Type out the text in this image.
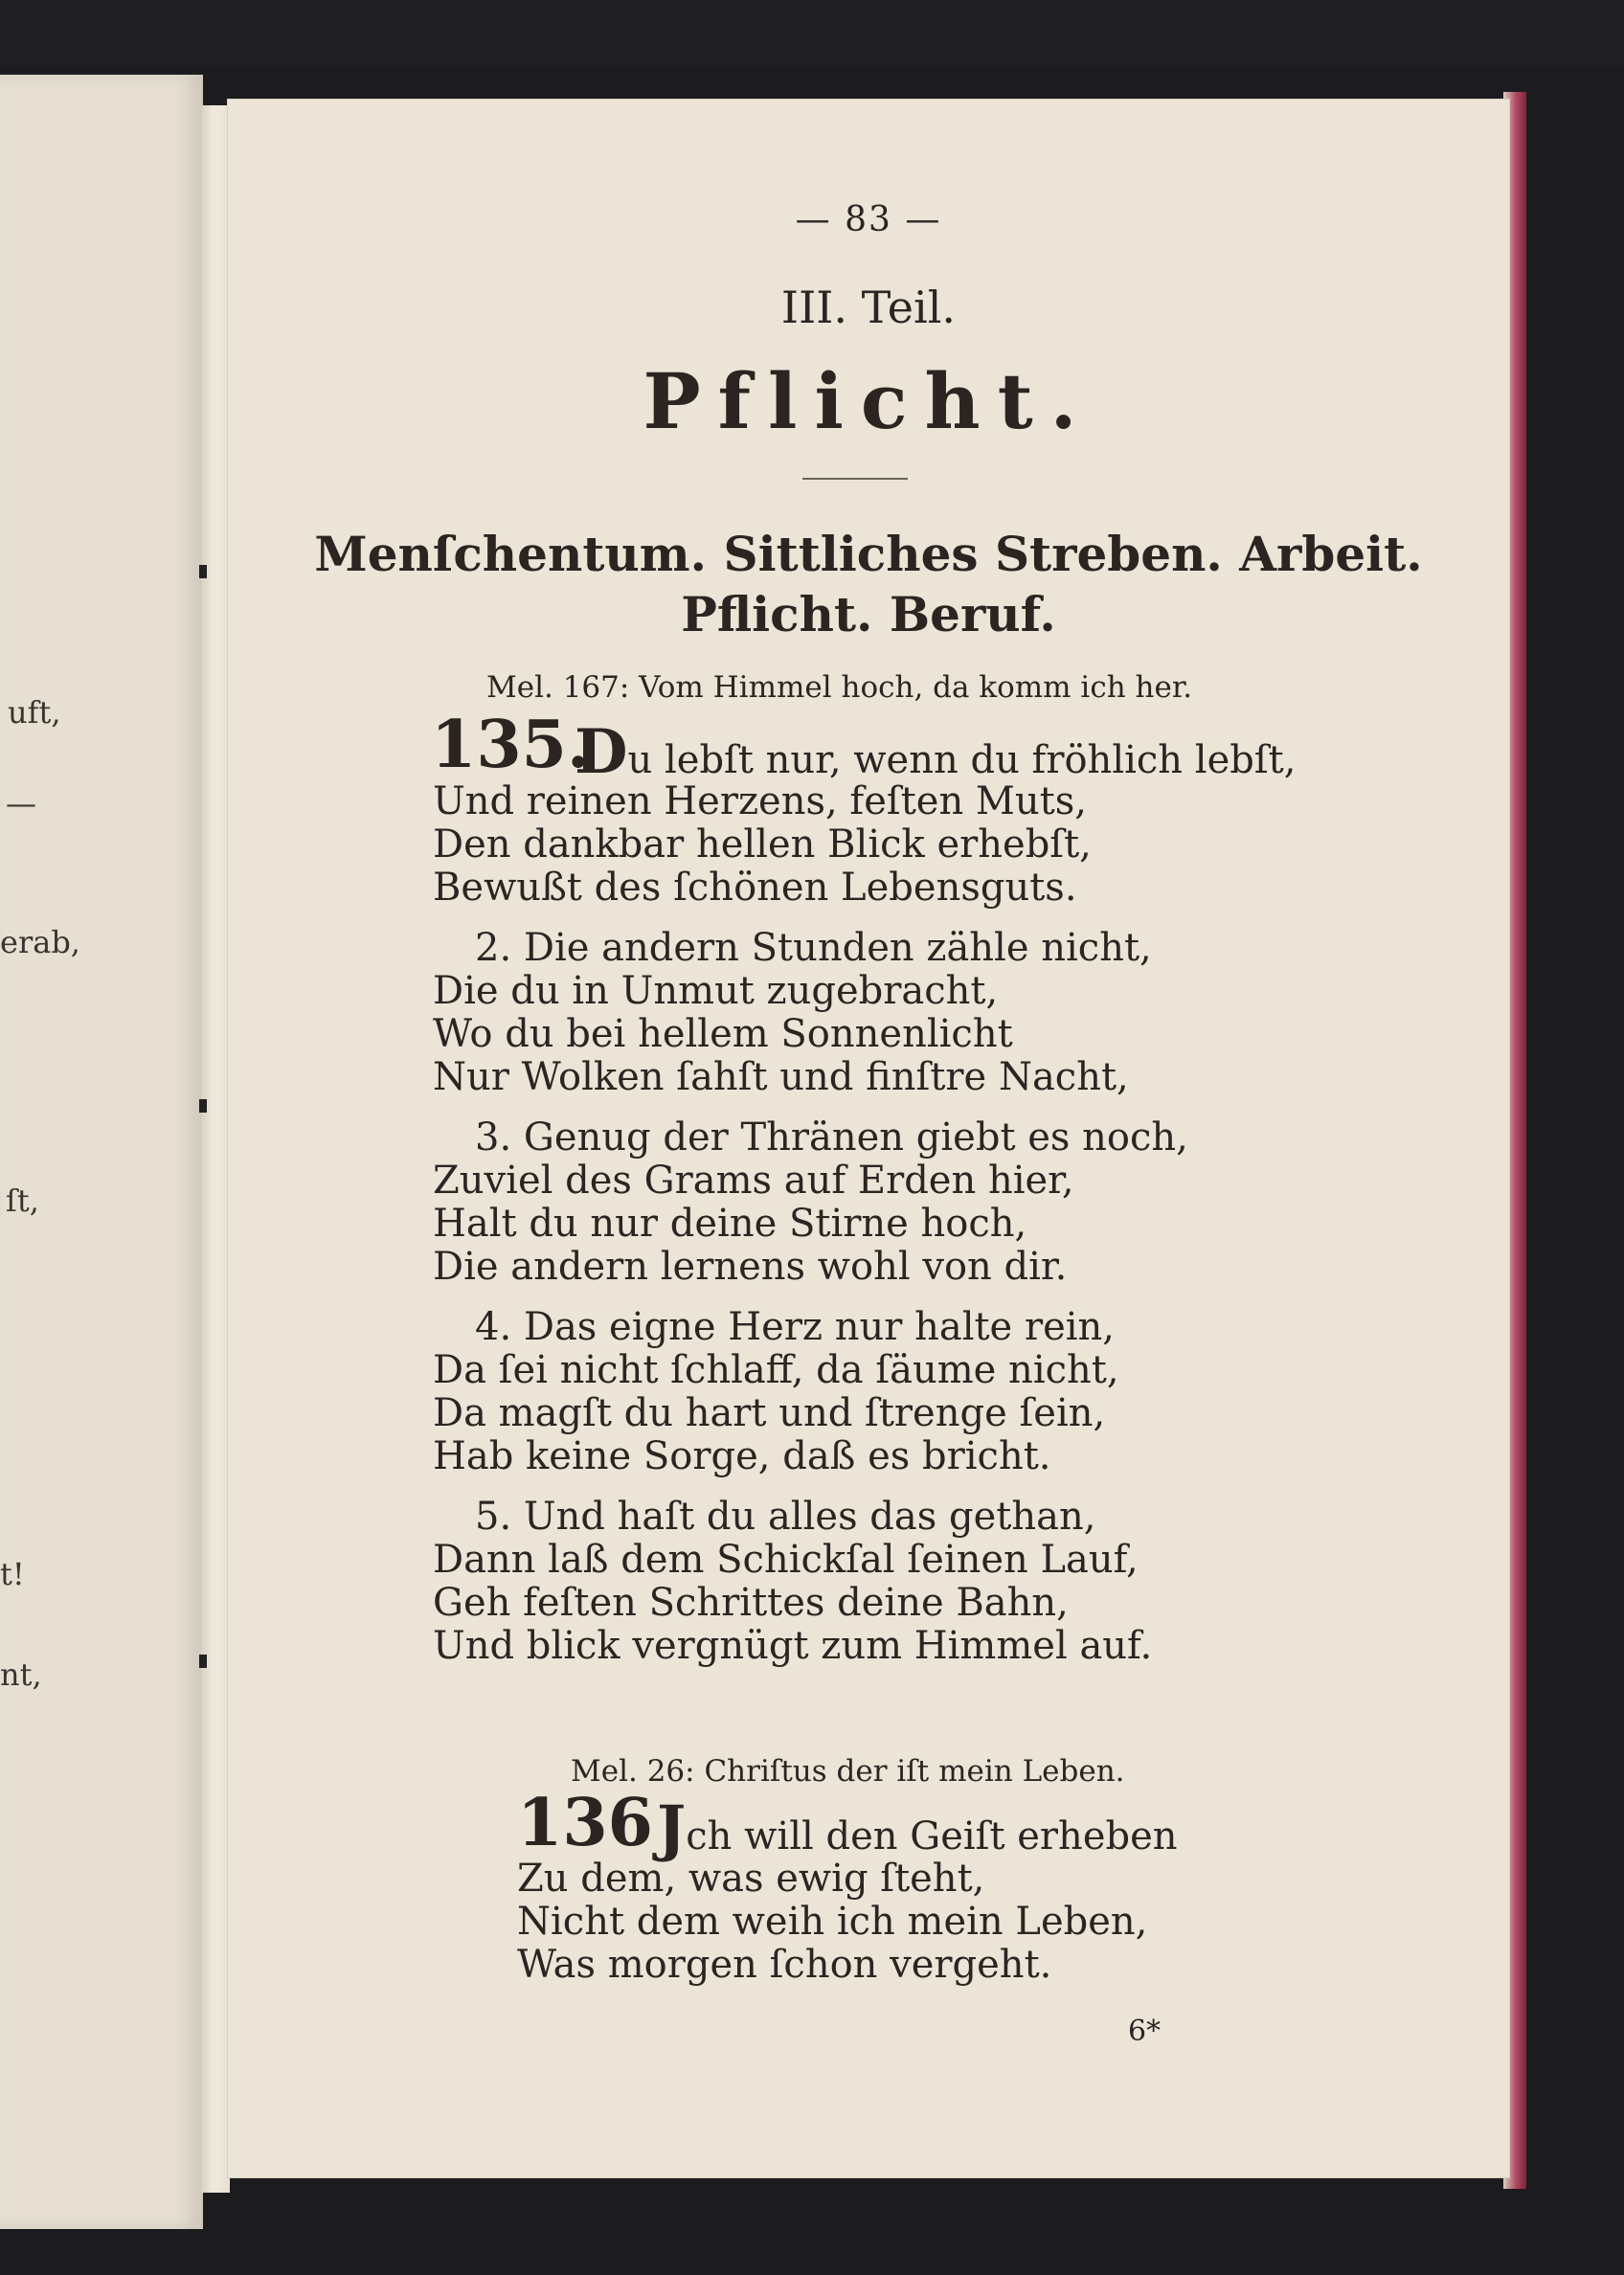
uft,
—
erab,
ſt,
t!
nt,
— 83 —
III. Teil.
Pflicht.
Menſchentum. Sittliches Streben. Arbeit.
Pflicht. Beruf.
Mel. 167: Vom Himmel hoch, da komm ich her.
135.
Du lebſt nur, wenn du fröhlich lebſt,
Und reinen Herzens, feſten Muts,
Den dankbar hellen Blick erhebſt,
Bewußt des ſchönen Lebensguts.
2. Die andern Stunden zähle nicht,
Die du in Unmut zugebracht,
Wo du bei hellem Sonnenlicht
Nur Wolken ſahſt und finſtre Nacht,
3. Genug der Thränen giebt es noch,
Zuviel des Grams auf Erden hier,
Halt du nur deine Stirne hoch,
Die andern lernens wohl von dir.
4. Das eigne Herz nur halte rein,
Da ſei nicht ſchlaff, da ſäume nicht,
Da magſt du hart und ſtrenge ſein,
Hab keine Sorge, daß es bricht.
5. Und haſt du alles das gethan,
Dann laß dem Schickſal ſeinen Lauf,
Geh feſten Schrittes deine Bahn,
Und blick vergnügt zum Himmel auf.
Mel. 26: Chriſtus der iſt mein Leben.
136 Jch will den Geiſt erheben
Zu dem, was ewig ſteht,
Nicht dem weih ich mein Leben,
Was morgen ſchon vergeht.
6*
